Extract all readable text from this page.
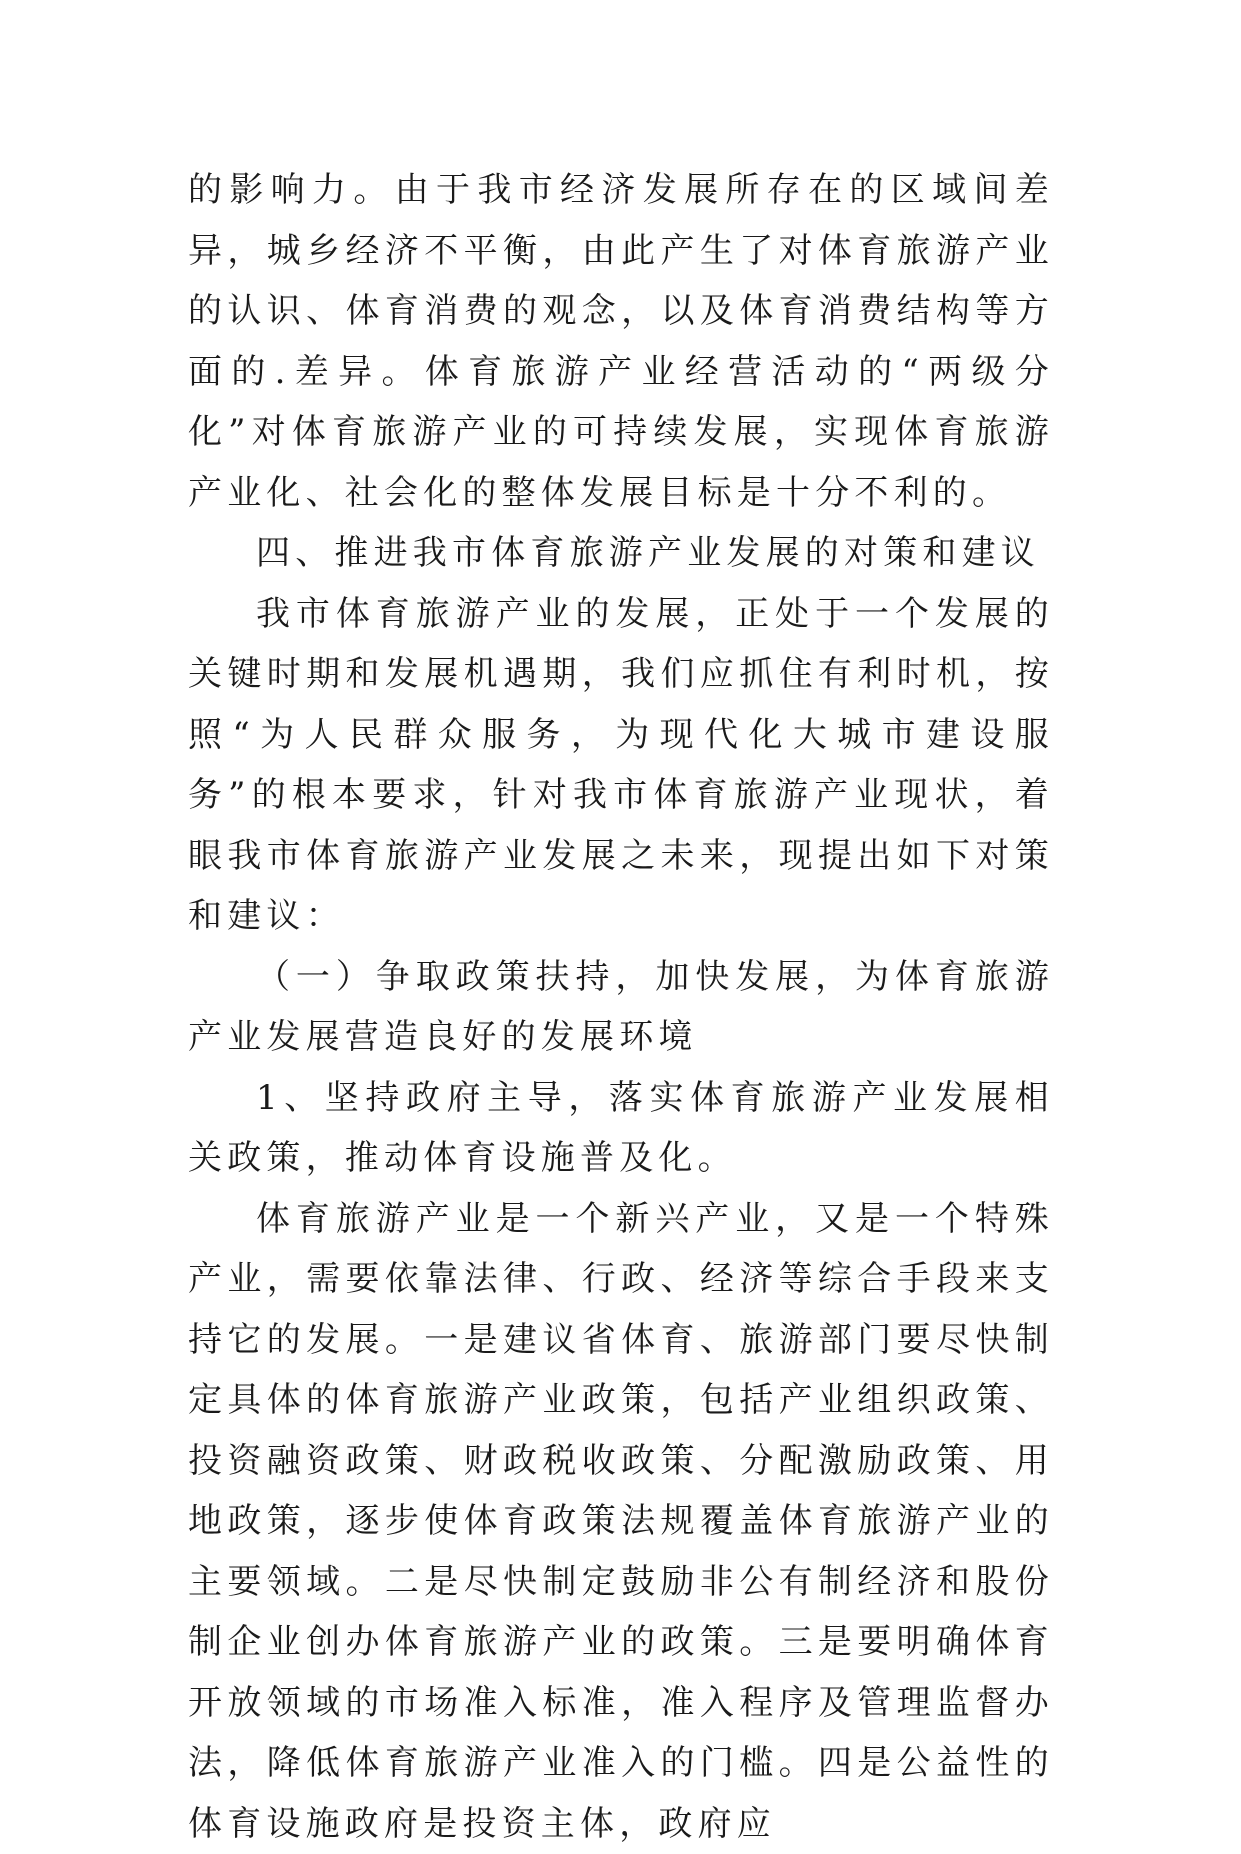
的影响力。由于我市经济发展所存在的区域间差异，城乡经济不平衡，由此产生了对体育旅游产业的认识、体育消费的观念，以及体育消费结构等方面的.差异。体育旅游产业经营活动的“两级分化”对体育旅游产业的可持续发展，实现体育旅游产业化、社会化的整体发展目标是十分不利的。

四、推进我市体育旅游产业发展的对策和建议

我市体育旅游产业的发展，正处于一个发展的关键时期和发展机遇期，我们应抓住有利时机，按照“为人民群众服务，为现代化大城市建设服务”的根本要求，针对我市体育旅游产业现状，着眼我市体育旅游产业发展之未来，现提出如下对策和建议：

（一）争取政策扶持，加快发展，为体育旅游产业发展营造良好的发展环境

1、坚持政府主导，落实体育旅游产业发展相关政策，推动体育设施普及化。

体育旅游产业是一个新兴产业，又是一个特殊产业，需要依靠法律、行政、经济等综合手段来支持它的发展。一是建议省体育、旅游部门要尽快制定具体的体育旅游产业政策，包括产业组织政策、投资融资政策、财政税收政策、分配激励政策、用地政策，逐步使体育政策法规覆盖体育旅游产业的主要领域。二是尽快制定鼓励非公有制经济和股份制企业创办体育旅游产业的政策。三是要明确体育开放领域的市场准入标准，准入程序及管理监督办法，降低体育旅游产业准入的门槛。四是公益性的体育设施政府是投资主体，政府应
